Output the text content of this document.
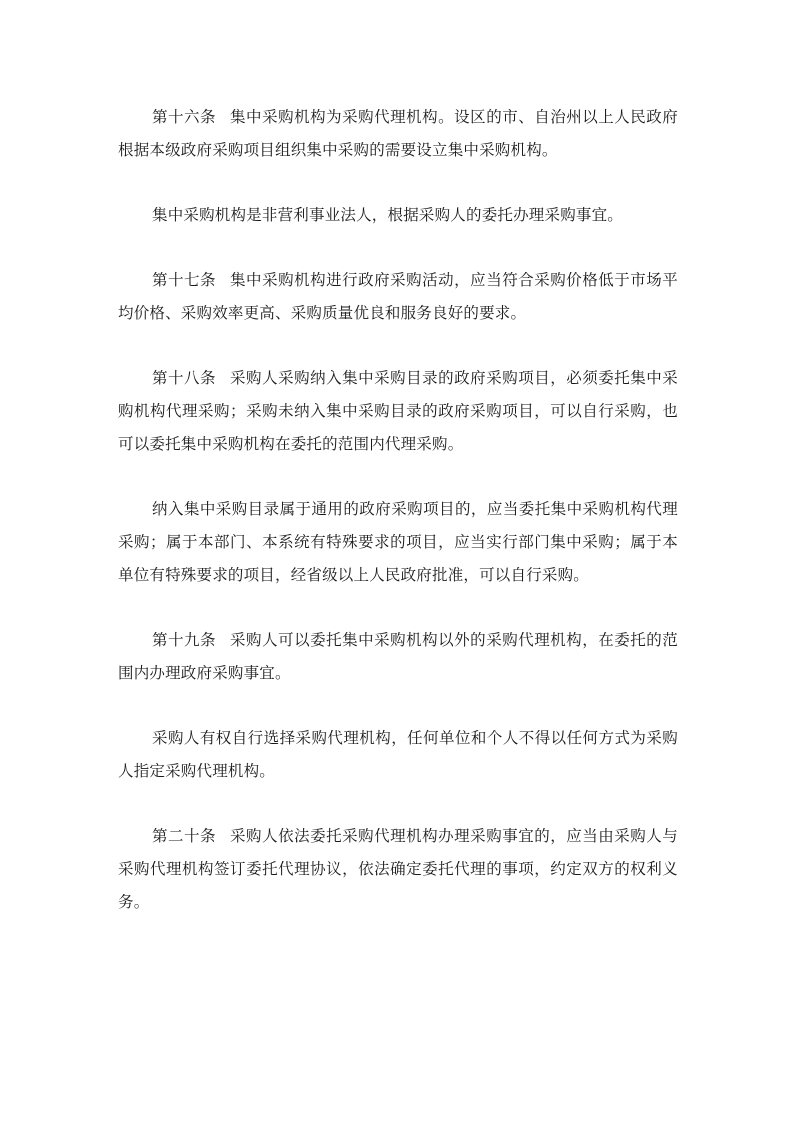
第十六条 集中采购机构为采购代理机构。设区的市、自治州以上人民政府根据本级政府采购项目组织集中采购的需要设立集中采购机构。

集中采购机构是非营利事业法人，根据采购人的委托办理采购事宜。

第十七条 集中采购机构进行政府采购活动，应当符合采购价格低于市场平均价格、采购效率更高、采购质量优良和服务良好的要求。

第十八条 采购人采购纳入集中采购目录的政府采购项目，必须委托集中采购机构代理采购；采购未纳入集中采购目录的政府采购项目，可以自行采购，也可以委托集中采购机构在委托的范围内代理采购。

纳入集中采购目录属于通用的政府采购项目的，应当委托集中采购机构代理采购；属于本部门、本系统有特殊要求的项目，应当实行部门集中采购；属于本单位有特殊要求的项目，经省级以上人民政府批准，可以自行采购。

第十九条 采购人可以委托集中采购机构以外的采购代理机构，在委托的范围内办理政府采购事宜。

采购人有权自行选择采购代理机构，任何单位和个人不得以任何方式为采购人指定采购代理机构。

第二十条 采购人依法委托采购代理机构办理采购事宜的，应当由采购人与采购代理机构签订委托代理协议，依法确定委托代理的事项，约定双方的权利义务。
